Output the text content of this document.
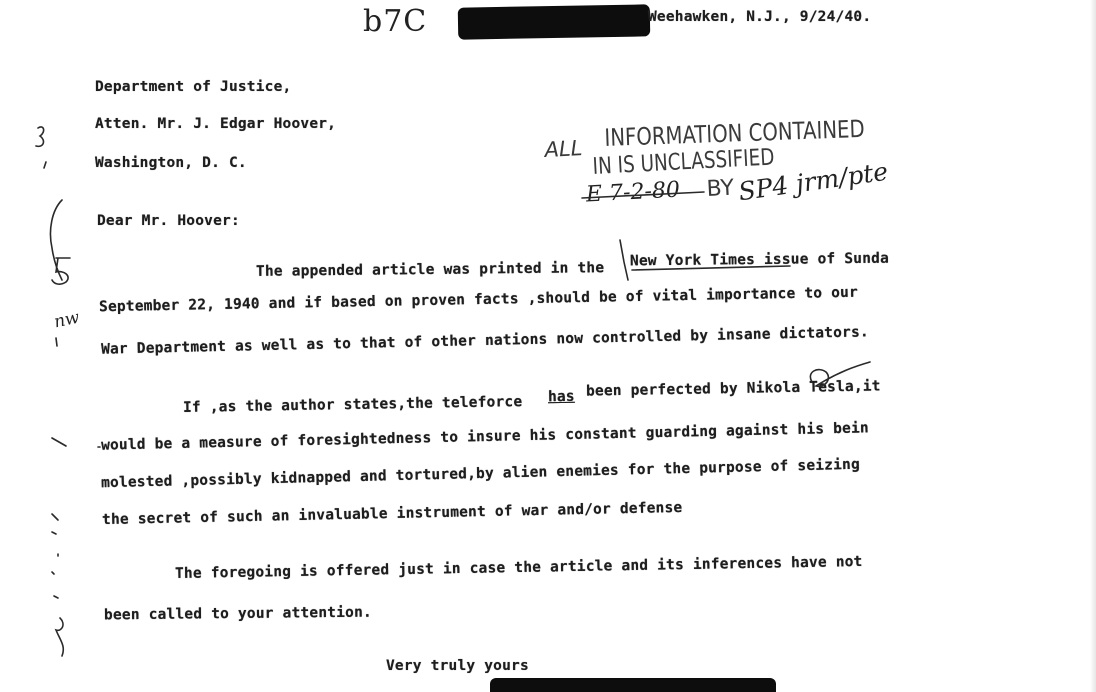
b7C	Weehawken, N.J., 9/24/40.
Department of Justice,
Atten. Mr. J. Edgar Hoover,
Washington, D. C.
ALL INFORMATION CONTAINED
IN IS UNCLASSIFIED
E 7-2-80 BY SP4 jrm/pte
Dear Mr. Hoover:
The appended article was printed in the
New York Times issue of Sunda
September 22, 1940 and if based on proven facts ,should be of vital importance to our
War Department as well as to that of other nations now controlled by insane dictators.
If ,as the author states,the teleforce has been perfected by Nikola Tesla,it
would be a measure of foresightedness to insure his constant guarding against his bein
molested ,possibly kidnapped and tortured,by alien enemies for the purpose of seizing
the secret of such an invaluable instrument of war and/or defense
The foregoing is offered just in case the article and its inferences have not
been called to your attention.
Very truly yours
nw
